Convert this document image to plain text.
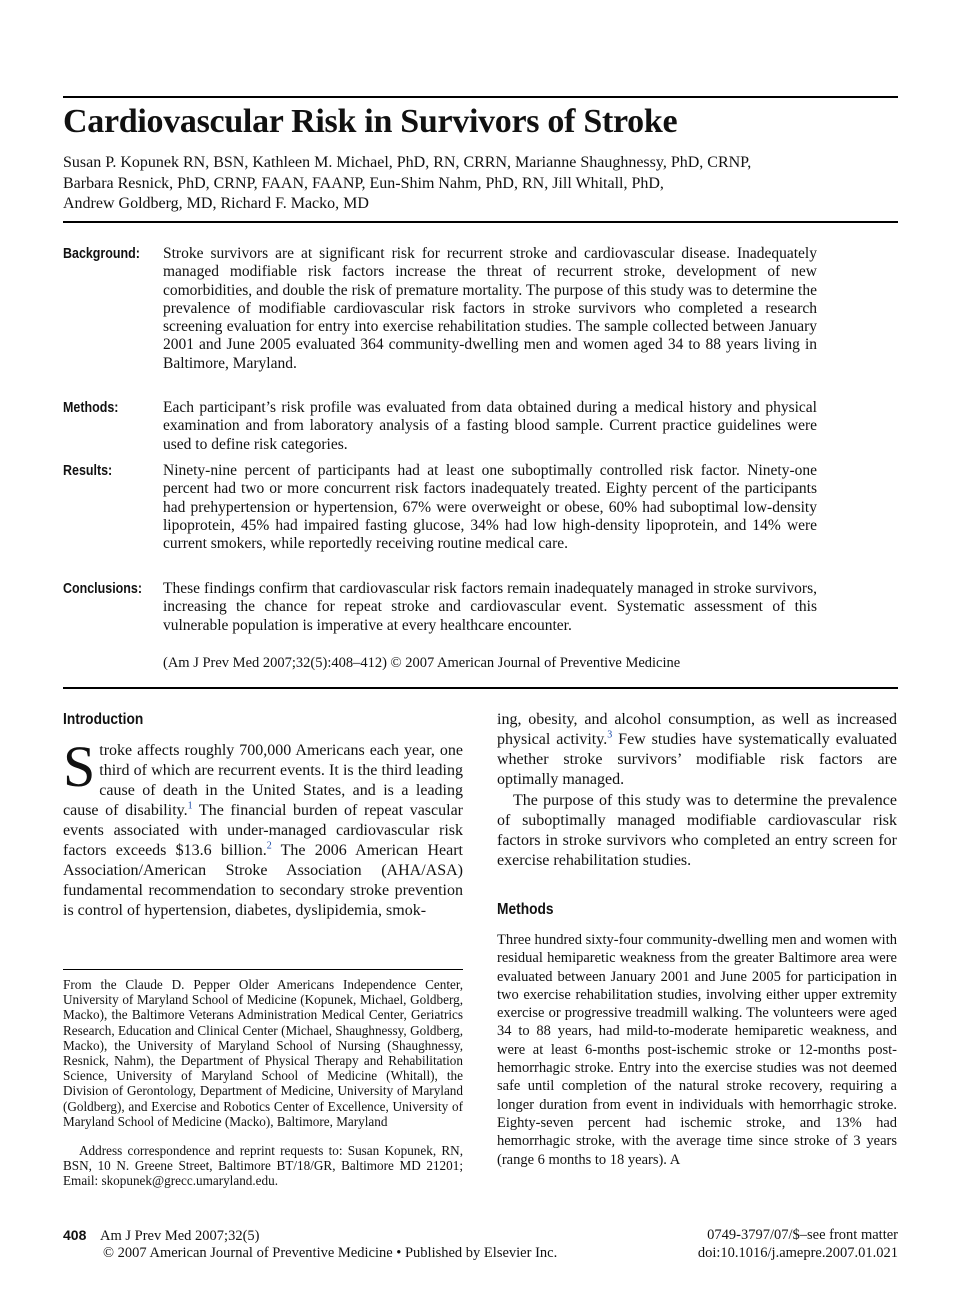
Cardiovascular Risk in Survivors of Stroke
Susan P. Kopunek RN, BSN, Kathleen M. Michael, PhD, RN, CRRN, Marianne Shaughnessy, PhD, CRNP,
Barbara Resnick, PhD, CRNP, FAAN, FAANP, Eun-Shim Nahm, PhD, RN, Jill Whitall, PhD,
Andrew Goldberg, MD, Richard F. Macko, MD
Background: Stroke survivors are at significant risk for recurrent stroke and cardiovascular disease. Inadequately managed modifiable risk factors increase the threat of recurrent stroke, development of new comorbidities, and double the risk of premature mortality. The purpose of this study was to determine the prevalence of modifiable cardiovascular risk factors in stroke survivors who completed a research screening evaluation for entry into exercise rehabilitation studies. The sample collected between January 2001 and June 2005 evaluated 364 community-dwelling men and women aged 34 to 88 years living in Baltimore, Maryland.
Methods:	Each participant’s risk profile was evaluated from data obtained during a medical history and physical examination and from laboratory analysis of a fasting blood sample. Current practice guidelines were used to define risk categories.
Results:	Ninety-nine percent of participants had at least one suboptimally controlled risk factor. Ninety-one percent had two or more concurrent risk factors inadequately treated. Eighty percent of the participants had prehypertension or hypertension, 67% were overweight or obese, 60% had suboptimal low-density lipoprotein, 45% had impaired fasting glucose, 34% had low high-density lipoprotein, and 14% were current smokers, while reportedly receiving routine medical care.
Conclusions: These findings confirm that cardiovascular risk factors remain inadequately managed in stroke survivors, increasing the chance for repeat stroke and cardiovascular event. Systematic assessment of this vulnerable population is imperative at every healthcare encounter.
(Am J Prev Med 2007;32(5):408–412) © 2007 American Journal of Preventive Medicine
Introduction
Stroke affects roughly 700,000 Americans each year, one third of which are recurrent events. It is the third leading cause of death in the United States, and is a leading cause of disability.$^1$ The financial burden of repeat vascular events associated with under-managed cardiovascular risk factors exceeds $13.6 billion.$^2$ The 2006 American Heart Association/American Stroke Association (AHA/ASA) fundamental recommendation to secondary stroke prevention is control of hypertension, diabetes, dyslipidemia, smok-
From the Claude D. Pepper Older Americans Independence Center, University of Maryland School of Medicine (Kopunek, Michael, Goldberg, Macko), the Baltimore Veterans Administration Medical Center, Geriatrics Research, Education and Clinical Center (Michael, Shaughnessy, Goldberg, Macko), the University of Maryland School of Nursing (Shaughnessy, Resnick, Nahm), the Department of Physical Therapy and Rehabilitation Science, University of Maryland School of Medicine (Whitall), the Division of Gerontology, Department of Medicine, University of Maryland (Goldberg), and Exercise and Robotics Center of Excellence, University of Maryland School of Medicine (Macko), Baltimore, Maryland
Address correspondence and reprint requests to: Susan Kopunek, RN, BSN, 10 N. Greene Street, Baltimore BT/18/GR, Baltimore MD 21201; Email: skopunek@grecc.umaryland.edu.
ing, obesity, and alcohol consumption, as well as increased physical activity.$^3$ Few studies have systematically evaluated whether stroke survivors’ modifiable risk factors are optimally managed.
The purpose of this study was to determine the prevalence of suboptimally managed modifiable cardiovascular risk factors in stroke survivors who completed an entry screen for exercise rehabilitation studies.
Methods
Three hundred sixty-four community-dwelling men and women with residual hemiparetic weakness from the greater Baltimore area were evaluated between January 2001 and June 2005 for participation in two exercise rehabilitation studies, involving either upper extremity exercise or progressive treadmill walking. The volunteers were aged 34 to 88 years, had mild-to-moderate hemiparetic weakness, and were at least 6-months post-ischemic stroke or 12-months post-hemorrhagic stroke. Entry into the exercise studies was not deemed safe until completion of the natural stroke recovery, requiring a longer duration from event in individuals with hemorrhagic stroke. Eighty-seven percent had ischemic stroke, and 13% had hemorrhagic stroke, with the average time since stroke of 3 years (range 6 months to 18 years). A
408 Am J Prev Med 2007;32(5)
© 2007 American Journal of Preventive Medicine • Published by Elsevier Inc.
0749-3797/07/$–see front matter
doi:10.1016/j.amepre.2007.01.021
